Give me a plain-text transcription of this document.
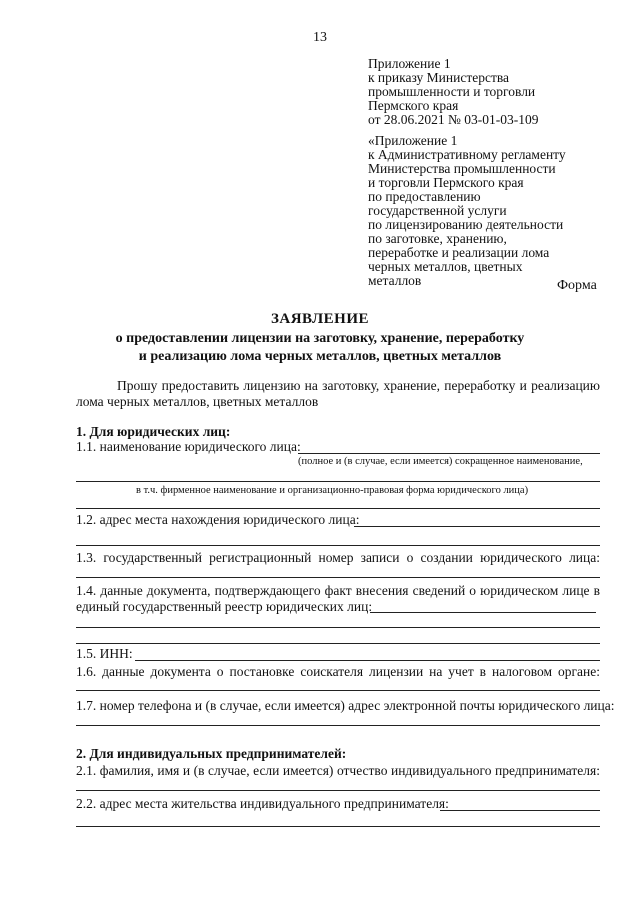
13
Приложение 1
к приказу Министерства
промышленности и торговли
Пермского края
от 28.06.2021 № 03-01-03-109
«Приложение 1
к Административному регламенту
Министерства промышленности
и торговли Пермского края
по предоставлению
государственной услуги
по лицензированию деятельности
по заготовке, хранению,
переработке и реализации лома
черных металлов, цветных
металлов	Форма
ЗАЯВЛЕНИЕ
о предоставлении лицензии на заготовку, хранение, переработку
и реализацию лома черных металлов, цветных металлов
Прошу предоставить лицензию на заготовку, хранение, переработку и реализацию
лома черных металлов, цветных металлов
1. Для юридических лиц:
1.1. наименование юридического лица:
(полное и (в случае, если имеется) сокращенное наименование,
в т.ч. фирменное наименование и организационно-правовая форма юридического лица)
1.2. адрес места нахождения юридического лица:
1.3. государственный регистрационный номер записи о создании юридического лица:
1.4. данные документа, подтверждающего факт внесения сведений о юридическом лице в
единый государственный реестр юридических лиц:
1.5. ИНН:
1.6. данные документа о постановке соискателя лицензии на учет в налоговом органе:
1.7. номер телефона и (в случае, если имеется) адрес электронной почты юридического лица:
2. Для индивидуальных предпринимателей:
2.1. фамилия, имя и (в случае, если имеется) отчество индивидуального предпринимателя:
2.2. адрес места жительства индивидуального предпринимателя:
